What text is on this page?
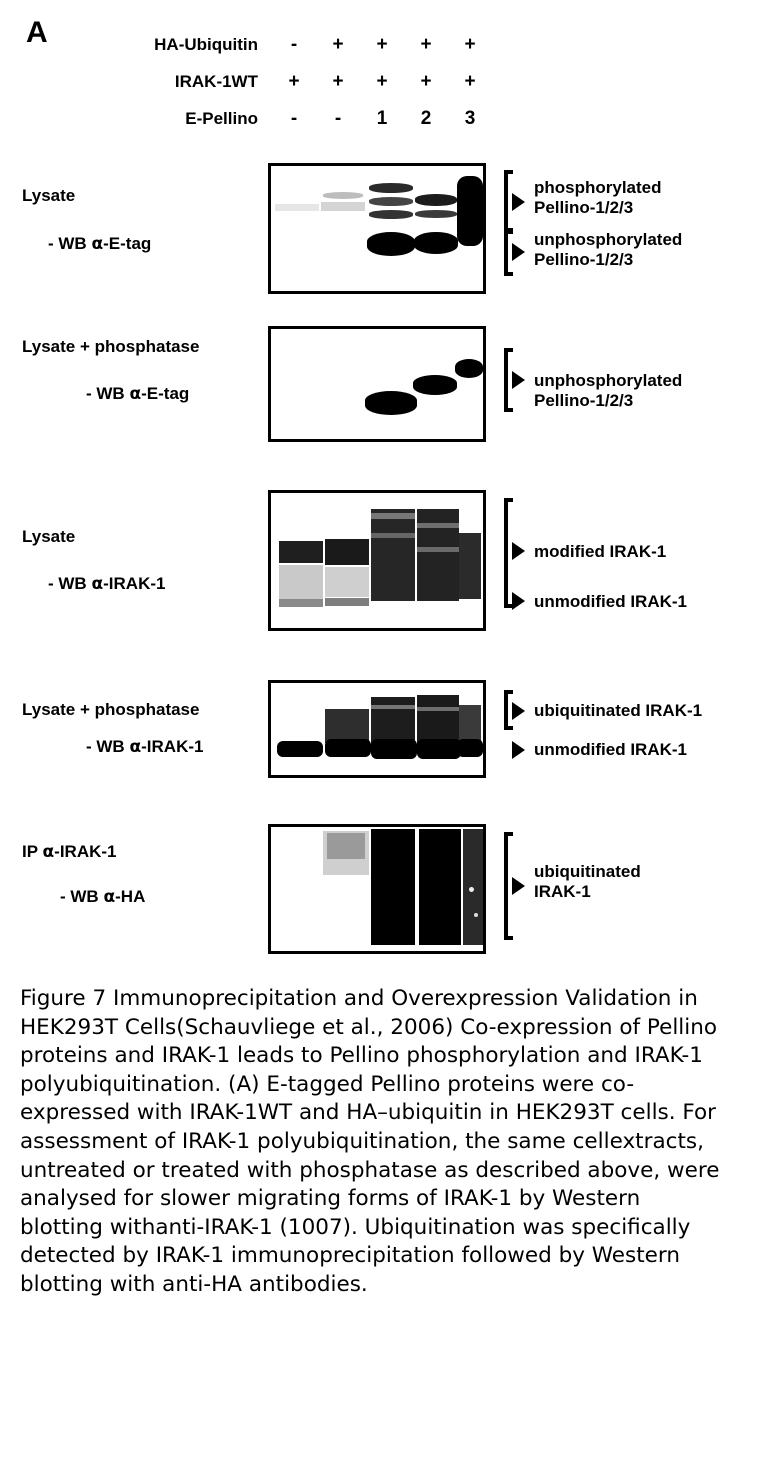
A	HA-Ubiquitin	-	+	+	+	+
IRAK-1WT	+	+	+	+	+
E-Pellino	-	-	1	2	3
Lysate
- WB α-E-tag
phosphorylated
Pellino-1/2/3
unphosphorylated
Pellino-1/2/3
Lysate + phosphatase
- WB α-E-tag
unphosphorylated
Pellino-1/2/3
Lysate
- WB α-IRAK-1
modified IRAK-1
unmodified IRAK-1
Lysate + phosphatase
- WB α-IRAK-1
ubiquitinated IRAK-1
unmodified IRAK-1
IP α-IRAK-1
- WB α-HA
ubiquitinated
IRAK-1
Figure 7 Immunoprecipitation and Overexpression Validation in HEK293T Cells(Schauvliege et al., 2006) Co-expression of Pellino proteins and IRAK-1 leads to Pellino phosphorylation and IRAK-1 polyubiquitination. (A) E-tagged Pellino proteins were co-expressed with IRAK-1WT and HA–ubiquitin in HEK293T cells. For assessment of IRAK-1 polyubiquitination, the same cellextracts, untreated or treated with phosphatase as described above, were analysed for slower migrating forms of IRAK-1 by Western blotting withanti-IRAK-1 (1007). Ubiquitination was specifically detected by IRAK-1 immunoprecipitation followed by Western blotting with anti-HA antibodies.
